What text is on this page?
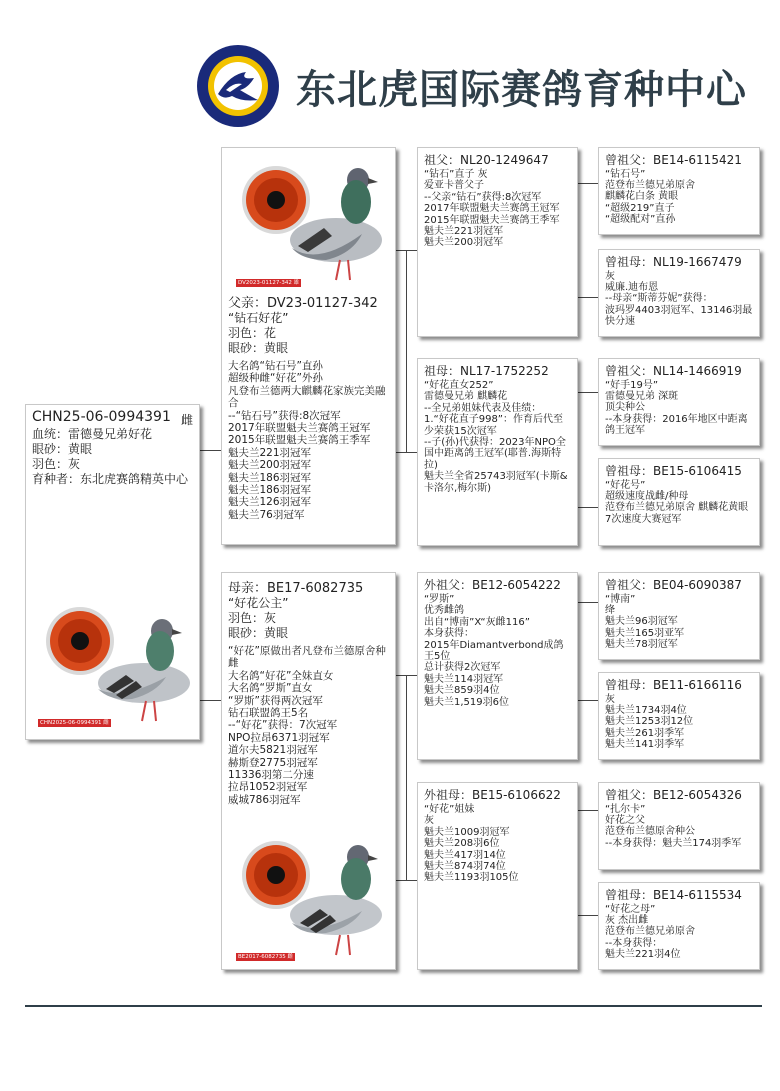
东北虎国际赛鸽育种中心
CHN25-06-0994391 雌
血统：雷德曼兄弟好花
眼砂：黄眼
羽色：灰
育种者：东北虎赛鸽精英中心
CHN2025-06-0994391 雌
DV2023-01127-342 雄
父亲：DV23-01127-342
“钻石好花”
羽色：花
眼砂：黄眼
大名鸽“钻石号”直孙
超级种雌“好花”外孙
凡登布兰德两大麒麟花家族完美融合
--“钻石号”获得:8次冠军
2017年联盟魁夫兰赛鸽王冠军
2015年联盟魁夫兰赛鸽王季军
魁夫兰221羽冠军
魁夫兰200羽冠军
魁夫兰186羽冠军
魁夫兰186羽冠军
魁夫兰126羽冠军
魁夫兰76羽冠军
母亲：BE17-6082735
“好花公主”
羽色：灰
眼砂：黄眼
“好花”原做出者凡登布兰德原舍种雌
大名鸽“好花”全妹直女
大名鸽“罗斯”直女
“罗斯”获得两次冠军
钻石联盟鸽王5名
--“好花”获得：7次冠军
NPO拉昂6371羽冠军
道尔夫5821羽冠军
赫斯登2775羽冠军
11336羽第二分速
拉昂1052羽冠军
威城786羽冠军
BE2017-6082735 雌
祖父：NL20-1249647
“钻石”直子 灰
爱亚卡普父子
--父亲“钻石”获得:8次冠军
2017年联盟魁夫兰赛鸽王冠军
2015年联盟魁夫兰赛鸽王季军
魁夫兰221羽冠军
魁夫兰200羽冠军
祖母：NL17-1752252
“好花直女252”
雷德曼兄弟 麒麟花
--全兄弟姐妹代表及佳绩：
1.“好花直子998”：作育后代至少荣获15次冠军
--子(孙)代获得：2023年NPO全国中距离鸽王冠军(耶普.海斯特拉)
魁夫兰全省25743羽冠军(卡斯&卡洛尔,梅尔斯)
外祖父：BE12-6054222
“罗斯”
优秀雌鸽
出自“博南”X“灰雌116”
本身获得：
2015年Diamantverbond成鸽王5位
总计获得2次冠军
魁夫兰114羽冠军
魁夫兰859羽4位
魁夫兰1,519羽6位
外祖母：BE15-6106622
“好花”姐妹
灰
魁夫兰1009羽冠军
魁夫兰208羽6位
魁夫兰417羽14位
魁夫兰874羽74位
魁夫兰1193羽105位
曾祖父：BE14-6115421
“钻石号”
范登布兰德兄弟原舍
麒麟花白条 黄眼
“超级219”直子
“超级配对”直孙
曾祖母：NL19-1667479
灰
威廉.迪布恩
--母亲“斯蒂芬妮”获得：
波玛罗4403羽冠军、13146羽最快分速
曾祖父：NL14-1466919
“好手19号”
雷德曼兄弟 深斑
顶尖种公
--本身获得：2016年地区中距离鸽王冠军
曾祖母：BE15-6106415
“好花号”
超级速度战雌/种母
范登布兰德兄弟原舍 麒麟花黄眼
7次速度大赛冠军
曾祖父：BE04-6090387
“博南”
绛
魁夫兰96羽冠军
魁夫兰165羽亚军
魁夫兰78羽冠军
曾祖母：BE11-6166116
灰
魁夫兰1734羽4位
魁夫兰1253羽12位
魁夫兰261羽季军
魁夫兰141羽季军
曾祖父：BE12-6054326
“扎尔卡”
好花之父
范登布兰德原舍种公
--本身获得：魁夫兰174羽季军
曾祖母：BE14-6115534
“好花之母”
灰 杰出雌
范登布兰德兄弟原舍
--本身获得：
魁夫兰221羽4位
